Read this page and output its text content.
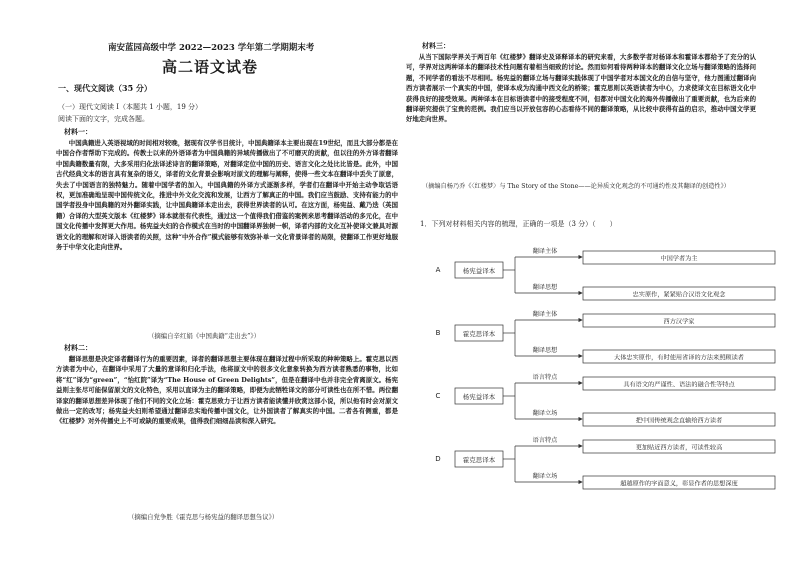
南安蓝园高级中学 2022—2023 学年第二学期期末考
高二语文试卷
一、现代文阅读（35 分）
（一）现代文阅读 I（本题共 1 小题，19 分）
阅读下面的文字，完成各题。
材料一：
中国典籍进入英语视域的时间相对较晚，据现有汉学书目统计，中国典籍译本主要出现在19世纪，而且大部分都是在中国合作者帮助下完成的。传教士以来的外语译者为中国典籍的异域传播做出了不可磨灭的贡献，但以往的外方译者翻译中国典籍数量有限，大多采用归化法译述诗言的翻译策略，对翻译定位中国的历史、语言文化之处比比皆是。此外，中国古代经典文本的语言具有复杂的语义，译者的文化背景会影响对原文的理解与阐释，使得一些文本在翻译中丢失了原意，失去了中国语言的独特魅力。随着中国学者的加入，中国典籍的外译方式逐渐多样，学者们在翻译中开始主动争取话语权，更加准确地呈现中国传统文化，推进中外文化交流和发展，让西方了解真正的中国。我们应当鼓励、支持有能力的中国学者投身中国典籍的对外翻译实践，让中国典籍译本走出去，获得世界读者的认可。在这方面，杨宪益、戴乃迭（英国籍）合译的大型英文版本《红楼梦》译本就很有代表性，通过这一个值得我们借鉴的案例来思考翻译活动的多元化，在中国文化传播中发挥更大作用。杨宪益夫妇的合作模式在当时的中国翻译界独树一帜，译者内部的文化互补使译文兼具对源语文化的理解和对译入语读者的关照，这种“中外合作”模式能够有效弥补单一文化背景译者的局限，使翻译工作更好地服务于中华文化走向世界。
（摘编自辛红娟《中国典籍“走出去”》）
材料二：
翻译思想是决定译者翻译行为的重要因素，译者的翻译思想主要体现在翻译过程中所采取的种种策略上。霍克思以西方读者为中心，在翻译中采用了大量的意译和归化手法，他将原文中的很多文化意象转换为西方读者熟悉的事物，比如将“红”译为“green”，“怡红院”译为“The House of Green Delights”，但是在翻译中也并非完全背离原文。杨宪益则主张尽可能保留原文的文化特色，采用以直译为主的翻译策略，即便为此牺牲译文的部分可读性也在所不惜。两位翻译家的翻译思想差异体现了他们不同的文化立场：霍克思致力于让西方读者能读懂并欣赏这部小说，所以他有时会对原文做出一定的改写；杨宪益夫妇则希望通过翻译忠实地传播中国文化，让外国读者了解真实的中国。二者各有侧重，都是《红楼梦》对外传播史上不可或缺的重要成果，值得我们细细品读和深入研究。
（摘编自党争胜《霍克思与杨宪益的翻译思想刍议》）
材料三：
从当下国际学界关于两百年《红楼梦》翻译史及译释译本的研究来看，大多数学者对杨译本和霍译本都给予了充分的认可，学界对这两种译本的翻译技术性问题有着相当细致的讨论。然而如何看待两种译本的翻译文化立场与翻译策略的选择问题，不同学者的看法不尽相同。杨宪益的翻译立场与翻译实践体现了中国学者对本国文化的自信与坚守，他力图通过翻译向西方读者展示一个真实的中国，使译本成为沟通中西文化的桥梁；霍克思则以英语读者为中心，力求使译文在目标语文化中获得良好的接受效果。两种译本在目标语读者中的接受程度不同，但都对中国文化的海外传播做出了重要贡献，也为后来的翻译研究提供了宝贵的范例。我们应当以开放包容的心态看待不同的翻译策略，从比较中获得有益的启示，推动中国文学更好地走向世界。
（摘编自杨乃乔《〈红楼梦〉与 The Story of the Stone——论异质文化观念的不可通约性及其翻译的创造性》）
1．下列对材料相关内容的梳理，正确的一项是（3 分）（　　）
A	杨宪益译本
翻译主体
翻译思想
中国学者为主
忠实原作，紧紧贴合汉语文化观念
B	霍克思译本
翻译主体
翻译思想
西方汉学家
大体忠实原作，有时使用省译的方法来照顾读者
C	杨宪益译本
语言特点
翻译立场
具有语文的严谨性、语法的融合性等特点
把中国传统观念直输给西方读者
D	霍克思译本
语言特点
翻译立场
更加贴近西方读者，可读性较高
超越原作的字面意义，彰显作者的思想深度
